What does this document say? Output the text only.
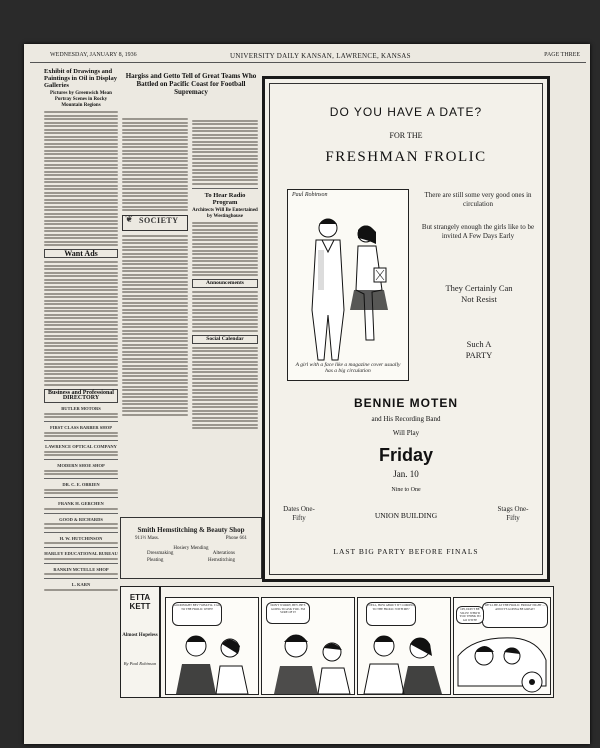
WEDNESDAY, JANUARY 8, 1936	UNIVERSITY DAILY KANSAN, LAWRENCE, KANSAS	PAGE THREE
Exhibit of Drawings and Paintings in Oil in Display Galleries
Pictures by Greenwich Mean Portray Scenes in Rocky Mountain Regions
Want Ads
Business and Professional DIRECTORY
BUTLER MOTORS
FIRST CLASS BARBER SHOP
LAWRENCE OPTICAL COMPANY
MODERN SHOE SHOP
DR. C. E. OBRIEN
FRANK H. GERCHEN
GOOD & RICHARDS
H. W. HUTCHINSON
HARLEY EDUCATIONAL BUREAU
RANKIN MCTELLE SHOP
L. KARN
❦ SOCIETY
Hargiss and Getto Tell of Great Teams Who Battled on Pacific Coast for Football Supremacy
To Hear Radio Program
Architects Will Be Entertained by Westinghouse
Announcements
Social Calendar
Smith Hemstitching & Beauty Shop
911½ Mass.	Phone 661
Hosiery Mending
Dressmaking	Alterations
Pleating	Hemstitching
DO YOU HAVE A DATE?
FOR THE
FRESHMAN FROLIC
Paul Robinson
A girl with a face like a magazine cover usually has a big circulation
There are still some very good ones in circulation
But strangely enough the girls like to be invited A Few Days Early
They Certainly Can Not Resist
Such A PARTY
BENNIE MOTEN
and His Recording Band
Will Play
Friday
Jan. 10
Nine to One
Dates One-Fifty	UNION BUILDING
Stags One-Fifty
LAST BIG PARTY BEFORE FINALS
ETTA KETT
Almost Hopeless
By Paul Robinson
GOODNIGHT BEV! WHAT'LL I GO TO THE FROLIC WITH?
DON'T WORRY, BEV. HE'S GOING TO ASK YOU. I'M SURE OF IT
WELL, HOW ABOUT IT? COMING TO THE FROLIC WITH ME?
WE'LL BE AT THE FROLIC FRIDAY NIGHT — AND IT'S GONNA BE GREAT!
OH, DON'T BE SILLY! WHO'D YOU THINK I'D GO WITH?
